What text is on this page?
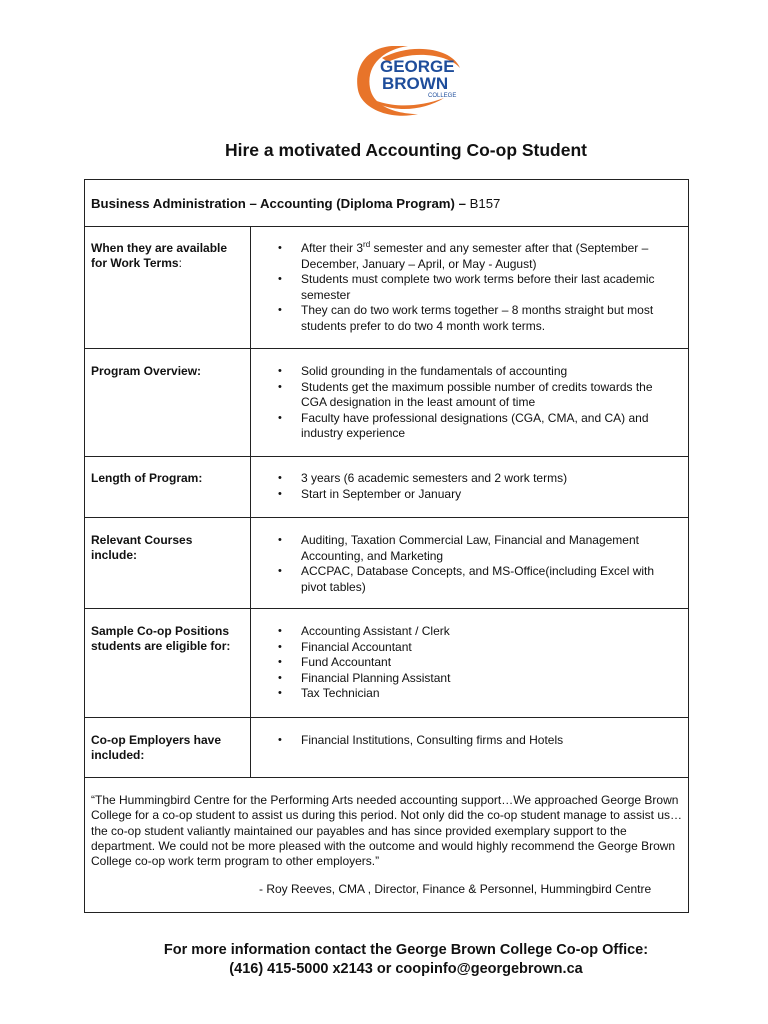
GEORGE
BROWN
COLLEGE
Hire a motivated Accounting Co-op Student
Business Administration – Accounting (Diploma Program) – B157
When they are available for Work Terms:
• After their 3rd semester and any semester after that (September – December, January – April, or May - August)
• Students must complete two work terms before their last academic semester
• They can do two work terms together – 8 months straight but most students prefer to do two 4 month work terms.
Program Overview:	• Solid grounding in the fundamentals of accounting
• Students get the maximum possible number of credits towards the CGA designation in the least amount of time
• Faculty have professional designations (CGA, CMA, and CA) and industry experience
Length of Program:	• 3 years (6 academic semesters and 2 work terms)
• Start in September or January
Relevant Courses include:
• Auditing, Taxation Commercial Law, Financial and Management Accounting, and Marketing
• ACCPAC, Database Concepts, and MS-Office(including Excel with pivot tables)
Sample Co-op Positions students are eligible for:
• Accounting Assistant / Clerk
• Financial Accountant
• Fund Accountant
• Financial Planning Assistant
• Tax Technician
Co-op Employers have included:
• Financial Institutions, Consulting firms and Hotels
“The Hummingbird Centre for the Performing Arts needed accounting support…We approached George Brown College for a co-op student to assist us during this period. Not only did the co-op student manage to assist us… the co-op student valiantly maintained our payables and has since provided exemplary support to the department. We could not be more pleased with the outcome and would highly recommend the George Brown College co-op work term program to other employers.”
- Roy Reeves, CMA , Director, Finance & Personnel, Hummingbird Centre
For more information contact the George Brown College Co-op Office:
(416) 415-5000 x2143 or coopinfo@georgebrown.ca
